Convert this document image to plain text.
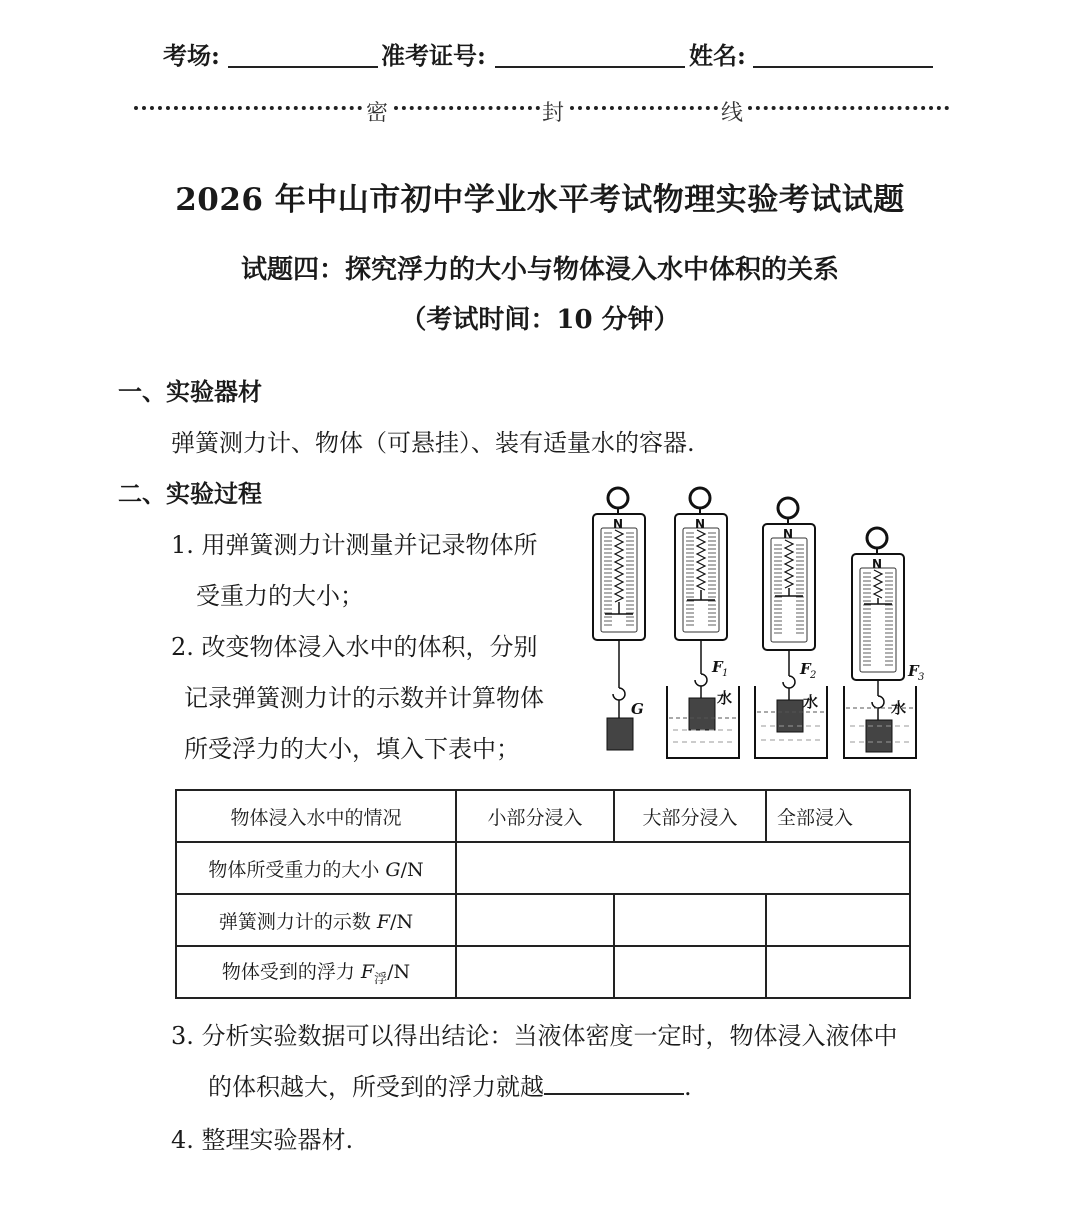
考场:	准考证号:	姓名:
密	封	线
2026 年中山市初中学业水平考试物理实验考试试题
试题四：探究浮力的大小与物体浸入水中体积的关系
（考试时间：10 分钟）
一、实验器材
弹簧测力计、物体（可悬挂）、装有适量水的容器.
二、实验过程
1. 用弹簧测力计测量并记录物体所
受重力的大小；
2. 改变物体浸入水中的体积，分别
记录弹簧测力计的示数并计算物体
所受浮力的大小，填入下表中；
N	N
N
N
G
F	F	F
1	2	3
水	水	水
物体浸入水中的情况	小部分浸入	大部分浸入	全部浸入
物体所受重力的大小 G/N			
弹簧测力计的示数 F/N			
物体受到的浮力 $F_浮/N$			
3. 分析实验数据可以得出结论：当液体密度一定时，物体浸入液体中
的体积越大，所受到的浮力就越	.
4. 整理实验器材.
